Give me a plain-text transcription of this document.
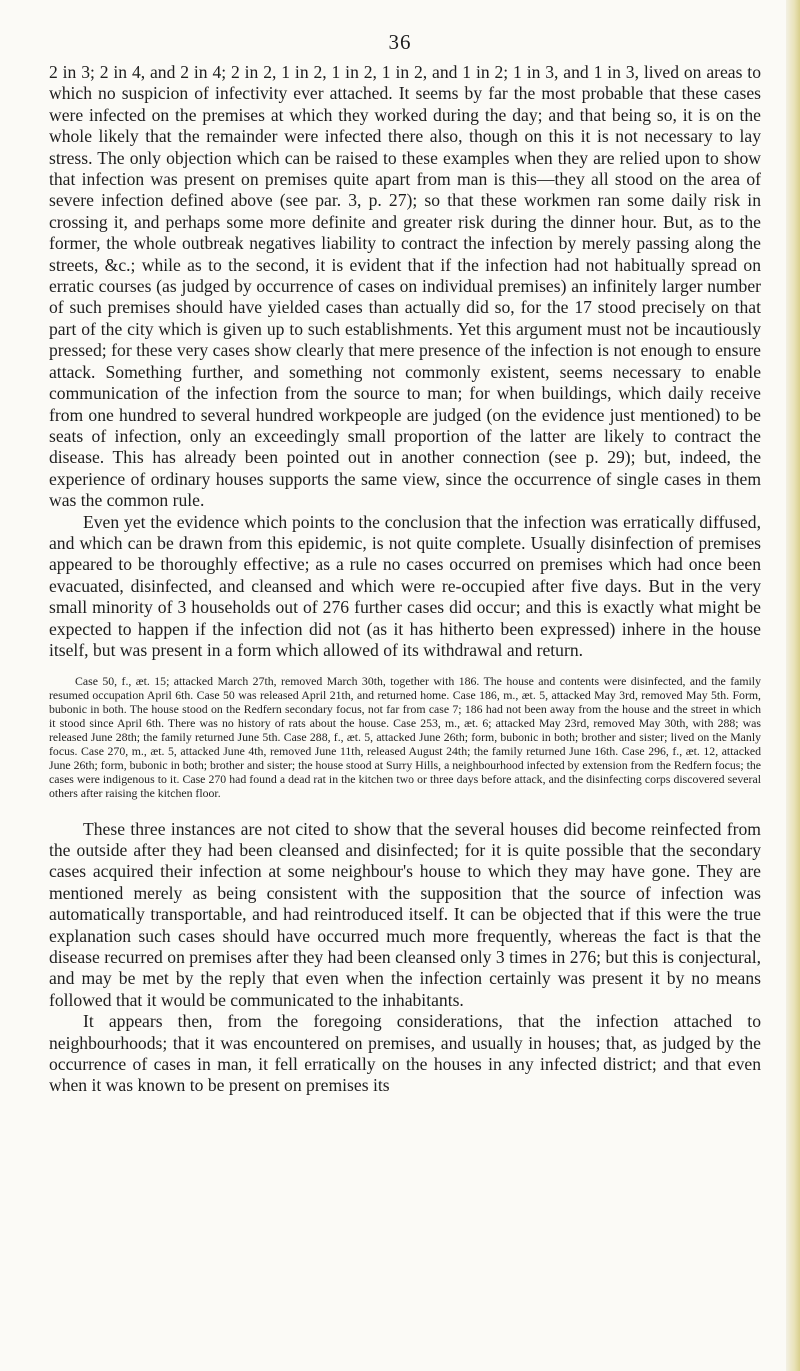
36

2 in 3; 2 in 4, and 2 in 4; 2 in 2, 1 in 2, 1 in 2, 1 in 2, and 1 in 2; 1 in 3, and 1 in 3, lived on areas to which no suspicion of infectivity ever attached. It seems by far the most probable that these cases were infected on the premises at which they worked during the day; and that being so, it is on the whole likely that the remainder were infected there also, though on this it is not necessary to lay stress. The only objection which can be raised to these examples when they are relied upon to show that infection was present on premises quite apart from man is this—they all stood on the area of severe infection defined above (see par. 3, p. 27); so that these workmen ran some daily risk in crossing it, and perhaps some more definite and greater risk during the dinner hour. But, as to the former, the whole outbreak negatives liability to contract the infection by merely passing along the streets, &c.; while as to the second, it is evident that if the infection had not habitually spread on erratic courses (as judged by occurrence of cases on individual premises) an infinitely larger number of such premises should have yielded cases than actually did so, for the 17 stood precisely on that part of the city which is given up to such establishments. Yet this argument must not be incautiously pressed; for these very cases show clearly that mere presence of the infection is not enough to ensure attack. Something further, and something not commonly existent, seems necessary to enable communication of the infection from the source to man; for when buildings, which daily receive from one hundred to several hundred workpeople are judged (on the evidence just mentioned) to be seats of infection, only an exceedingly small proportion of the latter are likely to contract the disease. This has already been pointed out in another connection (see p. 29); but, indeed, the experience of ordinary houses supports the same view, since the occurrence of single cases in them was the common rule.

Even yet the evidence which points to the conclusion that the infection was erratically diffused, and which can be drawn from this epidemic, is not quite complete. Usually disinfection of premises appeared to be thoroughly effective; as a rule no cases occurred on premises which had once been evacuated, disinfected, and cleansed and which were re-occupied after five days. But in the very small minority of 3 households out of 276 further cases did occur; and this is exactly what might be expected to happen if the infection did not (as it has hitherto been expressed) inhere in the house itself, but was present in a form which allowed of its withdrawal and return.

Case 50, f., æt. 15; attacked March 27th, removed March 30th, together with 186. The house and contents were disinfected, and the family resumed occupation April 6th. Case 50 was released April 21th, and returned home. Case 186, m., æt. 5, attacked May 3rd, removed May 5th. Form, bubonic in both. The house stood on the Redfern secondary focus, not far from case 7; 186 had not been away from the house and the street in which it stood since April 6th. There was no history of rats about the house. Case 253, m., æt. 6; attacked May 23rd, removed May 30th, with 288; was released June 28th; the family returned June 5th. Case 288, f., æt. 5, attacked June 26th; form, bubonic in both; brother and sister; lived on the Manly focus. Case 270, m., æt. 5, attacked June 4th, removed June 11th, released August 24th; the family returned June 16th. Case 296, f., æt. 12, attacked June 26th; form, bubonic in both; brother and sister; the house stood at Surry Hills, a neighbourhood infected by extension from the Redfern focus; the cases were indigenous to it. Case 270 had found a dead rat in the kitchen two or three days before attack, and the disinfecting corps discovered several others after raising the kitchen floor.

These three instances are not cited to show that the several houses did become reinfected from the outside after they had been cleansed and disinfected; for it is quite possible that the secondary cases acquired their infection at some neighbour's house to which they may have gone. They are mentioned merely as being consistent with the supposition that the source of infection was automatically transportable, and had reintroduced itself. It can be objected that if this were the true explanation such cases should have occurred much more frequently, whereas the fact is that the disease recurred on premises after they had been cleansed only 3 times in 276; but this is conjectural, and may be met by the reply that even when the infection certainly was present it by no means followed that it would be communicated to the inhabitants.

It appears then, from the foregoing considerations, that the infection attached to neighbourhoods; that it was encountered on premises, and usually in houses; that, as judged by the occurrence of cases in man, it fell erratically on the houses in any infected district; and that even when it was known to be present on premises its
